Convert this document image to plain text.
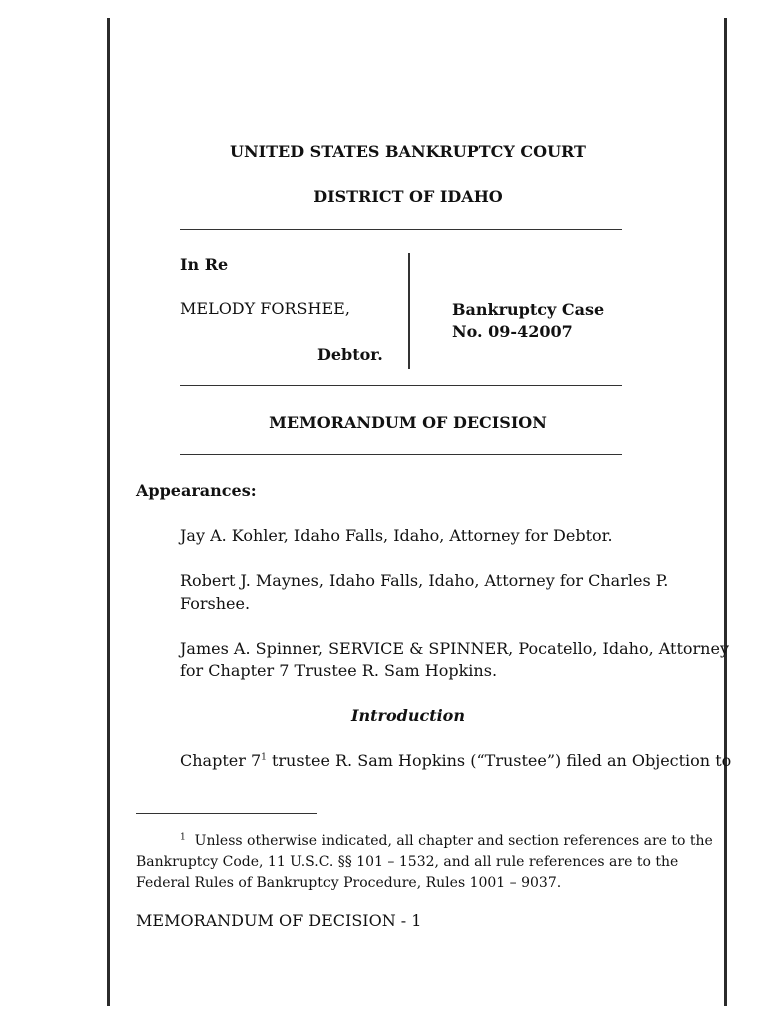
UNITED STATES BANKRUPTCY COURT
DISTRICT OF IDAHO
In Re
MELODY FORSHEE,
Debtor.
Bankruptcy Case
No. 09-42007
MEMORANDUM OF DECISION
Appearances:
Jay A. Kohler, Idaho Falls, Idaho, Attorney for Debtor.
Robert J. Maynes, Idaho Falls, Idaho, Attorney for Charles P.
Forshee.
James A. Spinner, SERVICE & SPINNER, Pocatello, Idaho, Attorney
for Chapter 7 Trustee R. Sam Hopkins.
Introduction
Chapter $7^1$ trustee R. Sam Hopkins (“Trustee”) filed an Objection to
$^1$ Unless otherwise indicated, all chapter and section references are to the
Bankruptcy Code, 11 U.S.C. §§ 101 – 1532, and all rule references are to the
Federal Rules of Bankruptcy Procedure, Rules 1001 – 9037.
MEMORANDUM OF DECISION - 1
